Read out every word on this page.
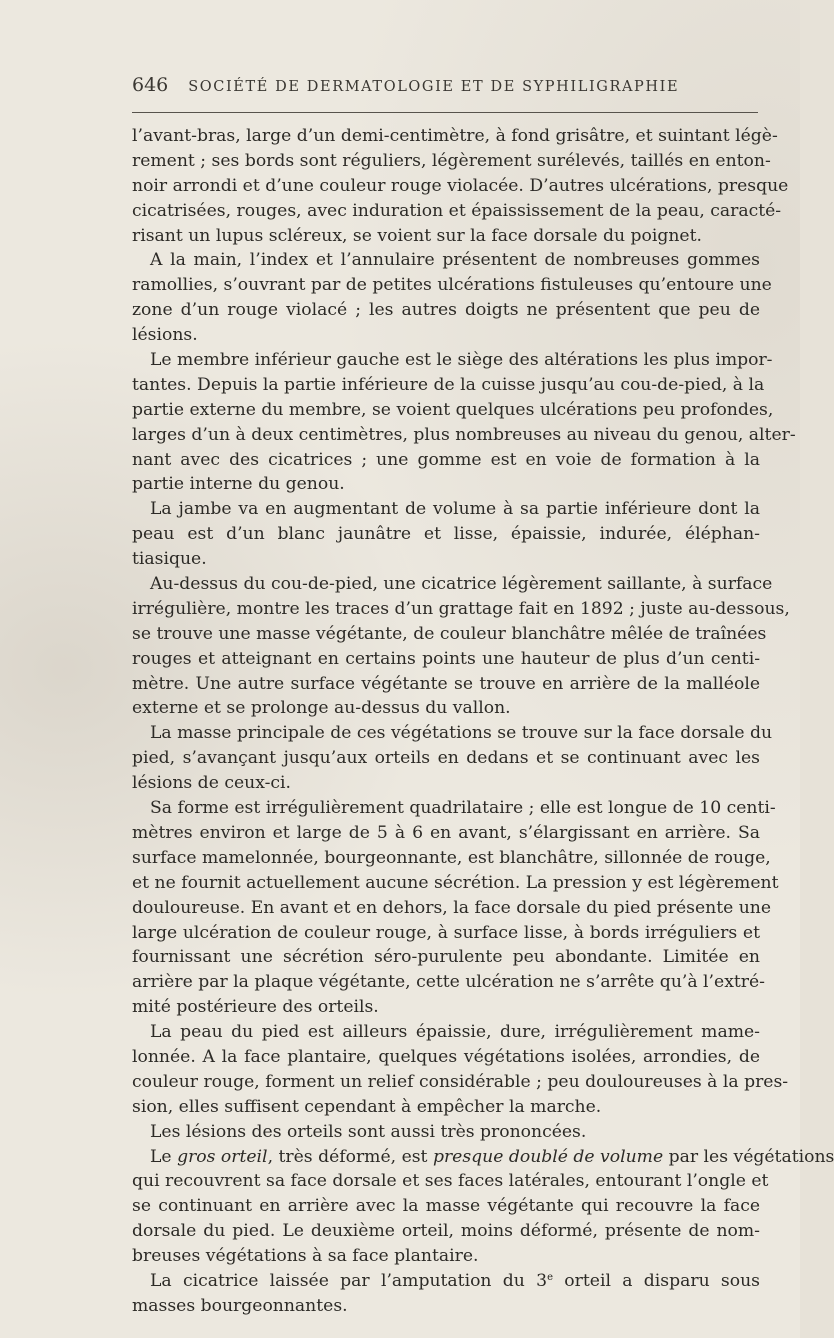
646 SOCIÉTÉ DE DERMATOLOGIE ET DE SYPHILIGRAPHIE
l’avant-bras, large d’un demi-centimètre, à fond grisâtre, et suintant légè-
rement ; ses bords sont réguliers, légèrement surélevés, taillés en enton-
noir arrondi et d’une couleur rouge violacée. D’autres ulcérations, presque
cicatrisées, rouges, avec induration et épaississement de la peau, caracté-
risant un lupus scléreux, se voient sur la face dorsale du poignet.
A la main, l’index et l’annulaire présentent de nombreuses gommes
ramollies, s’ouvrant par de petites ulcérations fistuleuses qu’entoure une
zone d’un rouge violacé ; les autres doigts ne présentent que peu de
lésions.
Le membre inférieur gauche est le siège des altérations les plus impor-
tantes. Depuis la partie inférieure de la cuisse jusqu’au cou-de-pied, à la
partie externe du membre, se voient quelques ulcérations peu profondes,
larges d’un à deux centimètres, plus nombreuses au niveau du genou, alter-
nant avec des cicatrices ; une gomme est en voie de formation à la
partie interne du genou.
La jambe va en augmentant de volume à sa partie inférieure dont la
peau est d’un blanc jaunâtre et lisse, épaissie, indurée, éléphan-
tiasique.
Au-dessus du cou-de-pied, une cicatrice légèrement saillante, à surface
irrégulière, montre les traces d’un grattage fait en 1892 ; juste au-dessous,
se trouve une masse végétante, de couleur blanchâtre mêlée de traînées
rouges et atteignant en certains points une hauteur de plus d’un centi-
mètre. Une autre surface végétante se trouve en arrière de la malléole
externe et se prolonge au-dessus du vallon.
La masse principale de ces végétations se trouve sur la face dorsale du
pied, s’avançant jusqu’aux orteils en dedans et se continuant avec les
lésions de ceux-ci.
Sa forme est irrégulièrement quadrilataire ; elle est longue de 10 centi-
mètres environ et large de 5 à 6 en avant, s’élargissant en arrière. Sa
surface mamelonnée, bourgeonnante, est blanchâtre, sillonnée de rouge,
et ne fournit actuellement aucune sécrétion. La pression y est légèrement
douloureuse. En avant et en dehors, la face dorsale du pied présente une
large ulcération de couleur rouge, à surface lisse, à bords irréguliers et
fournissant une sécrétion séro-purulente peu abondante. Limitée en
arrière par la plaque végétante, cette ulcération ne s’arrête qu’à l’extré-
mité postérieure des orteils.
La peau du pied est ailleurs épaissie, dure, irrégulièrement mame-
lonnée. A la face plantaire, quelques végétations isolées, arrondies, de
couleur rouge, forment un relief considérable ; peu douloureuses à la pres-
sion, elles suffisent cependant à empêcher la marche.
Les lésions des orteils sont aussi très prononcées.
Le gros orteil, très déformé, est presque doublé de volume par les végétations
qui recouvrent sa face dorsale et ses faces latérales, entourant l’ongle et
se continuant en arrière avec la masse végétante qui recouvre la face
dorsale du pied. Le deuxième orteil, moins déformé, présente de nom-
breuses végétations à sa face plantaire.
La cicatrice laissée par l’amputation du 3e orteil a disparu sous
masses bourgeonnantes.
